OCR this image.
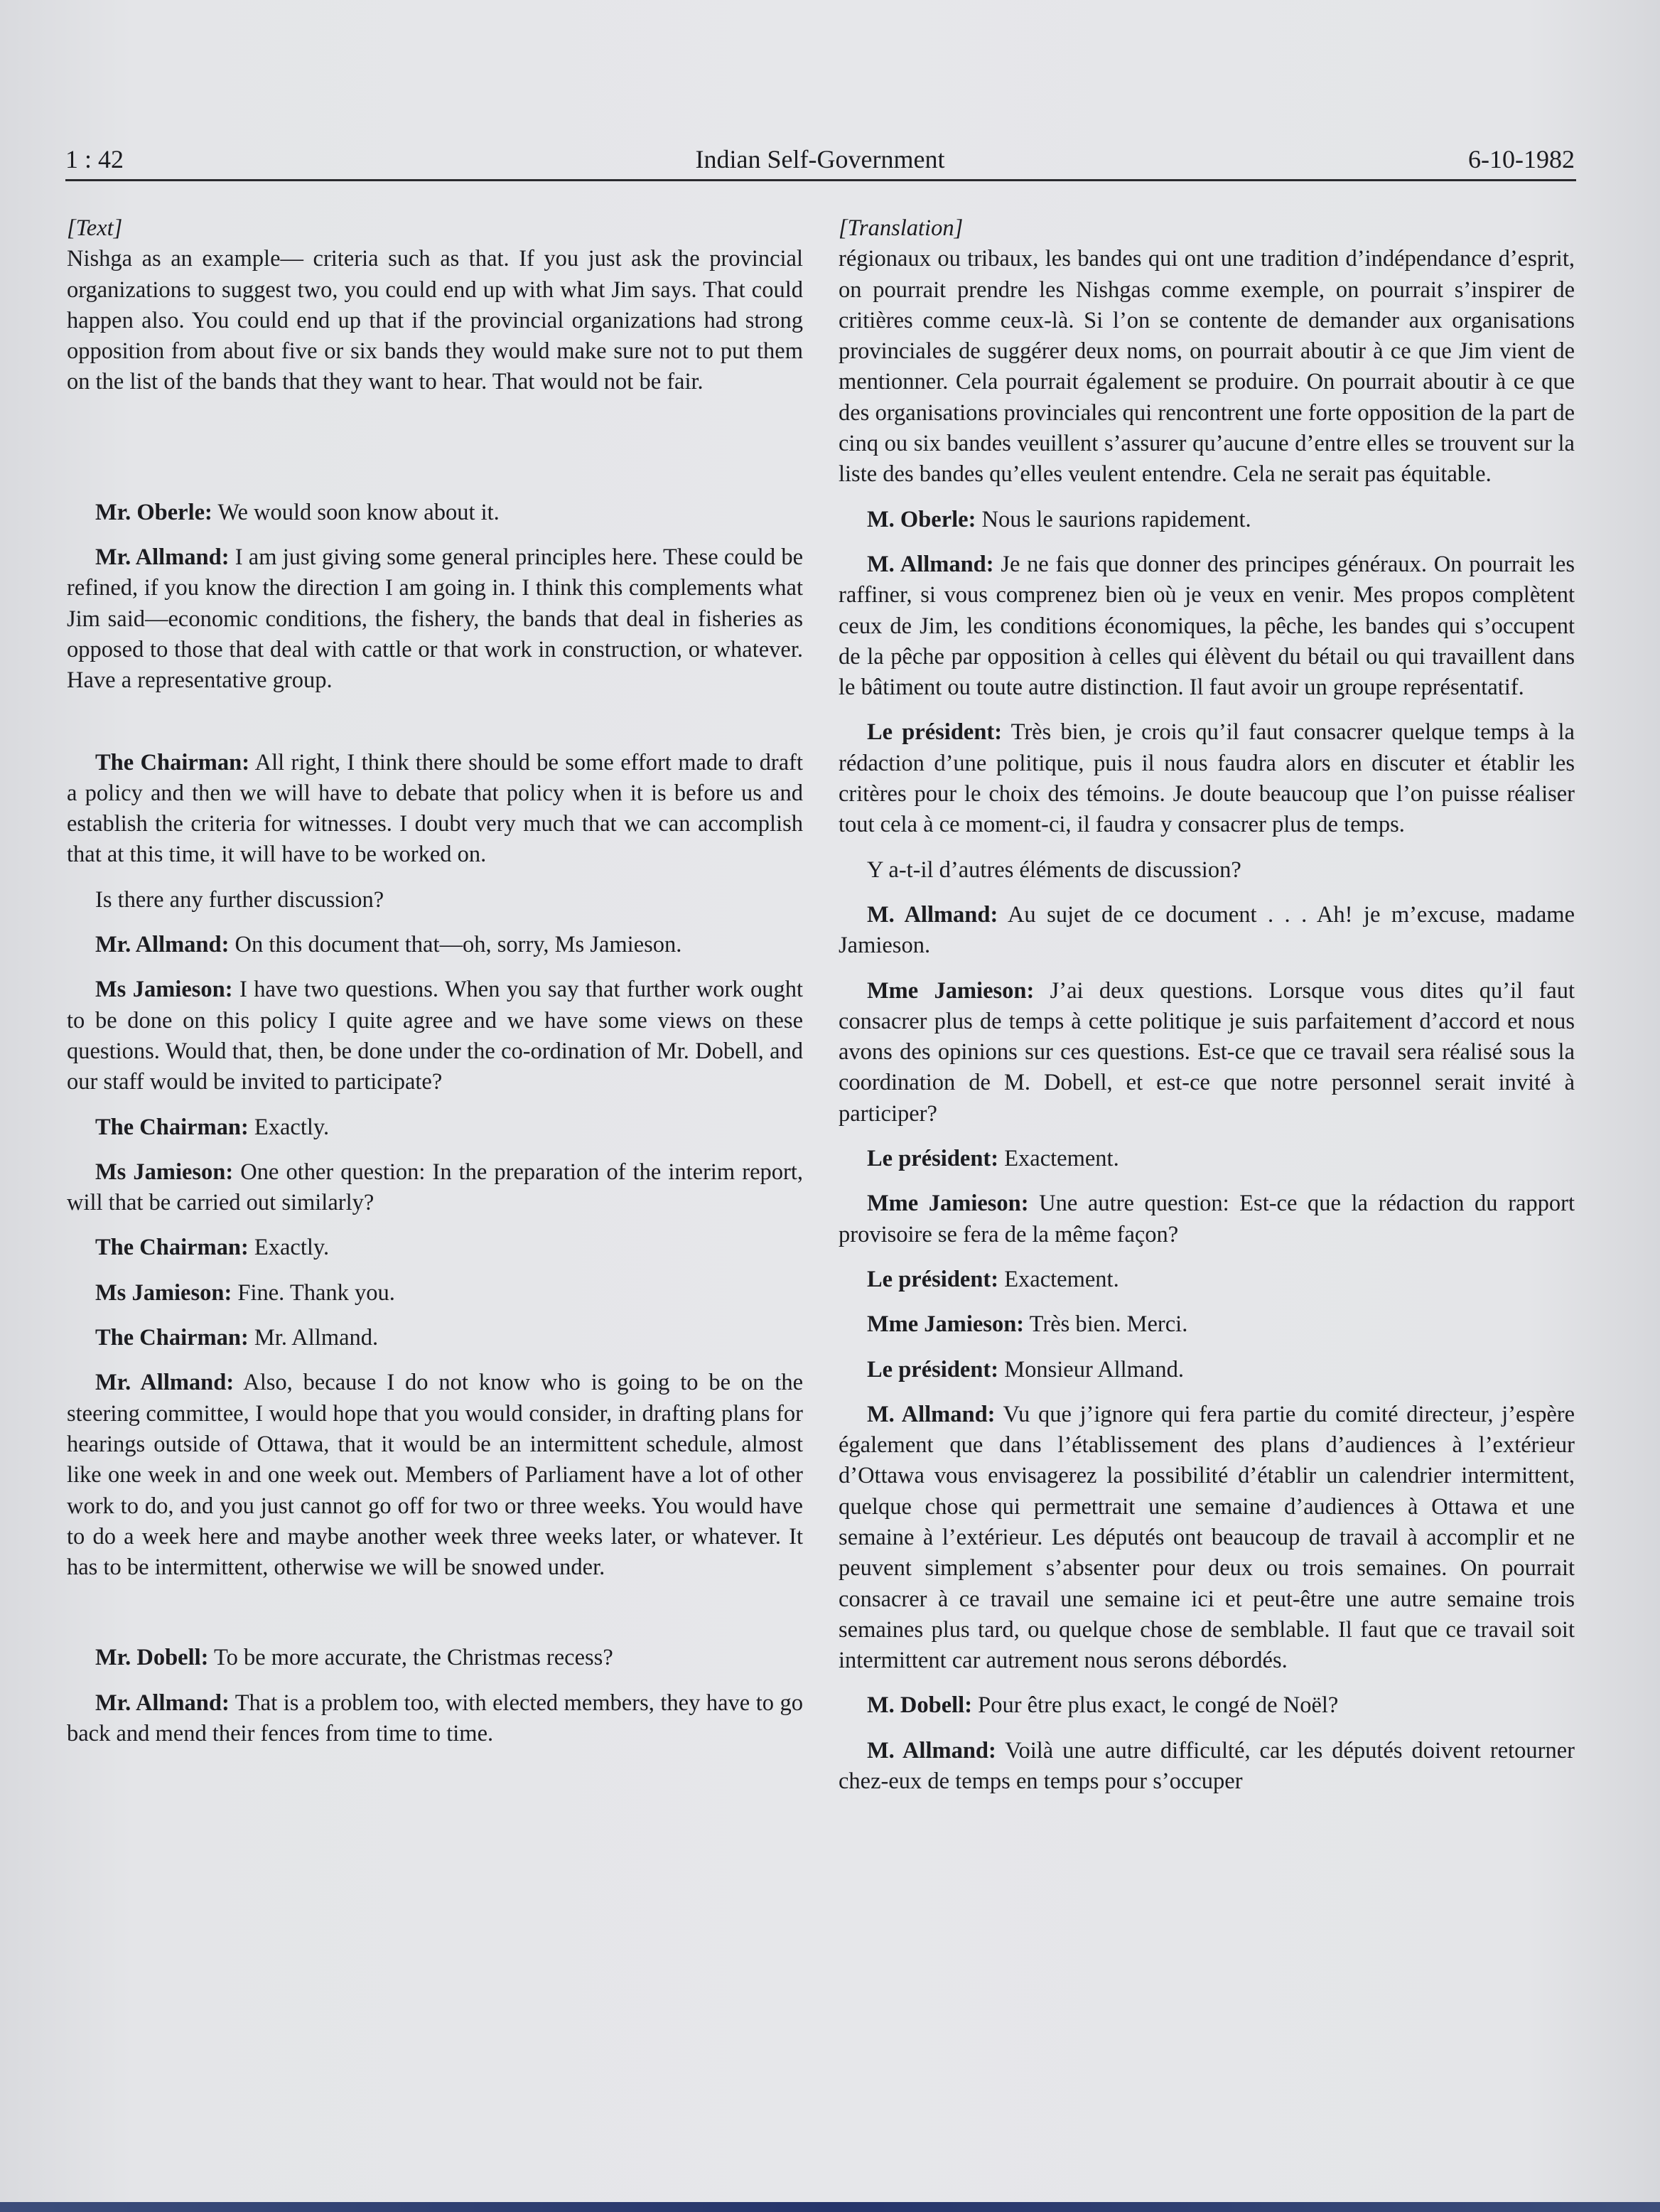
1 : 42	Indian Self-Government	6-10-1982
[Text]

Nishga as an example— criteria such as that. If you just ask the provincial organizations to suggest two, you could end up with what Jim says. That could happen also. You could end up that if the provincial organizations had strong opposition from about five or six bands they would make sure not to put them on the list of the bands that they want to hear. That would not be fair.

Mr. Oberle: We would soon know about it.

Mr. Allmand: I am just giving some general principles here. These could be refined, if you know the direction I am going in. I think this complements what Jim said—economic conditions, the fishery, the bands that deal in fisheries as opposed to those that deal with cattle or that work in construction, or whatever. Have a representative group.

The Chairman: All right, I think there should be some effort made to draft a policy and then we will have to debate that policy when it is before us and establish the criteria for witnesses. I doubt very much that we can accomplish that at this time, it will have to be worked on.

Is there any further discussion?

Mr. Allmand: On this document that—oh, sorry, Ms Jamieson.

Ms Jamieson: I have two questions. When you say that further work ought to be done on this policy I quite agree and we have some views on these questions. Would that, then, be done under the co-ordination of Mr. Dobell, and our staff would be invited to participate?

The Chairman: Exactly.

Ms Jamieson: One other question: In the preparation of the interim report, will that be carried out similarly?

The Chairman: Exactly.

Ms Jamieson: Fine. Thank you.

The Chairman: Mr. Allmand.

Mr. Allmand: Also, because I do not know who is going to be on the steering committee, I would hope that you would consider, in drafting plans for hearings outside of Ottawa, that it would be an intermittent schedule, almost like one week in and one week out. Members of Parliament have a lot of other work to do, and you just cannot go off for two or three weeks. You would have to do a week here and maybe another week three weeks later, or whatever. It has to be intermittent, otherwise we will be snowed under.

Mr. Dobell: To be more accurate, the Christmas recess?

Mr. Allmand: That is a problem too, with elected members, they have to go back and mend their fences from time to time.

[Translation]

régionaux ou tribaux, les bandes qui ont une tradition d’indépendance d’esprit, on pourrait prendre les Nishgas comme exemple, on pourrait s’inspirer de critières comme ceux-là. Si l’on se contente de demander aux organisations provinciales de suggérer deux noms, on pourrait aboutir à ce que Jim vient de mentionner. Cela pourrait également se produire. On pourrait aboutir à ce que des organisations provinciales qui rencontrent une forte opposition de la part de cinq ou six bandes veuillent s’assurer qu’aucune d’entre elles se trouvent sur la liste des bandes qu’elles veulent entendre. Cela ne serait pas équitable.

M. Oberle: Nous le saurions rapidement.

M. Allmand: Je ne fais que donner des principes généraux. On pourrait les raffiner, si vous comprenez bien où je veux en venir. Mes propos complètent ceux de Jim, les conditions économiques, la pêche, les bandes qui s’occupent de la pêche par opposition à celles qui élèvent du bétail ou qui travaillent dans le bâtiment ou toute autre distinction. Il faut avoir un groupe représentatif.

Le président: Très bien, je crois qu’il faut consacrer quelque temps à la rédaction d’une politique, puis il nous faudra alors en discuter et établir les critères pour le choix des témoins. Je doute beaucoup que l’on puisse réaliser tout cela à ce moment-ci, il faudra y consacrer plus de temps.

Y a-t-il d’autres éléments de discussion?

M. Allmand: Au sujet de ce document . . . Ah! je m’excuse, madame Jamieson.

Mme Jamieson: J’ai deux questions. Lorsque vous dites qu’il faut consacrer plus de temps à cette politique je suis parfaitement d’accord et nous avons des opinions sur ces questions. Est-ce que ce travail sera réalisé sous la coordination de M. Dobell, et est-ce que notre personnel serait invité à participer?

Le président: Exactement.

Mme Jamieson: Une autre question: Est-ce que la rédaction du rapport provisoire se fera de la même façon?

Le président: Exactement.

Mme Jamieson: Très bien. Merci.

Le président: Monsieur Allmand.

M. Allmand: Vu que j’ignore qui fera partie du comité directeur, j’espère également que dans l’établissement des plans d’audiences à l’extérieur d’Ottawa vous envisagerez la possibilité d’établir un calendrier intermittent, quelque chose qui permettrait une semaine d’audiences à Ottawa et une semaine à l’extérieur. Les députés ont beaucoup de travail à accomplir et ne peuvent simplement s’absenter pour deux ou trois semaines. On pourrait consacrer à ce travail une semaine ici et peut-être une autre semaine trois semaines plus tard, ou quelque chose de semblable. Il faut que ce travail soit intermittent car autrement nous serons débordés.

M. Dobell: Pour être plus exact, le congé de Noël?

M. Allmand: Voilà une autre difficulté, car les députés doivent retourner chez-eux de temps en temps pour s’occuper
